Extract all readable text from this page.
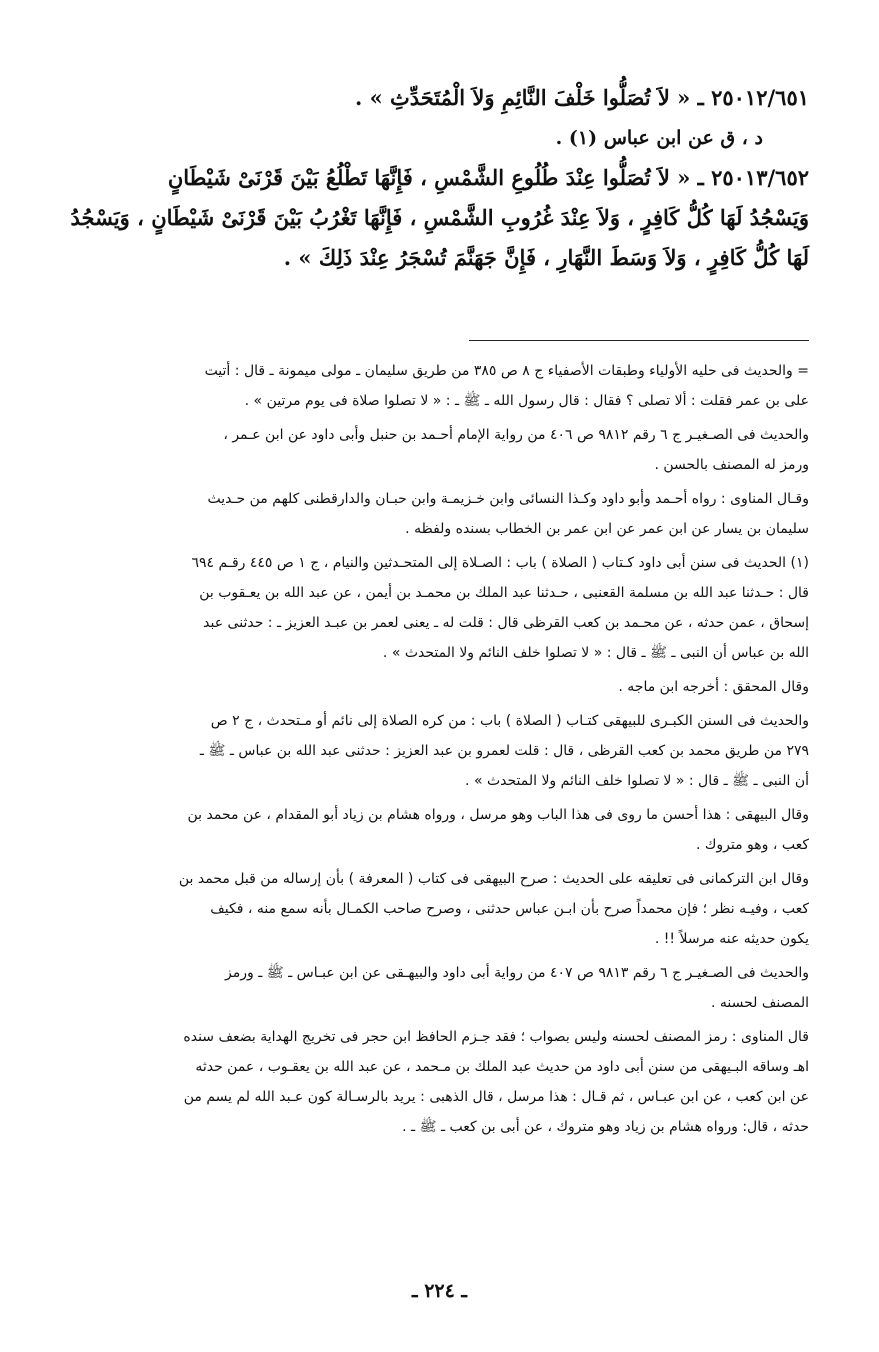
٢٥٠١٢/٦٥١ ـ « لاَ تُصَلُّوا خَلْفَ النَّائِمِ وَلاَ الْمُتَحَدِّثِ » .

د ، ق عن ابن عباس (١) .

٢٥٠١٣/٦٥٢ ـ « لاَ تُصَلُّوا عِنْدَ طُلُوعِ الشَّمْسِ ، فَإِنَّهَا تَطْلُعُ بَيْنَ قَرْنَىْ شَيْطَانٍ
وَيَسْجُدُ لَهَا كُلُّ كَافِرٍ ، وَلاَ عِنْدَ غُرُوبِ الشَّمْسِ ، فَإِنَّهَا تَغْرُبُ بَيْنَ قَرْنَىْ شَيْطَانٍ ، وَيَسْجُدُ
لَهَا كُلُّ كَافِرٍ ، وَلاَ وَسَطَ النَّهَارِ ، فَإِنَّ جَهَنَّمَ تُسْجَرُ عِنْدَ ذَلِكَ » .

= والحديث فى حليه الأولياء وطبقات الأصفياء ج ٨ ص ٣٨٥ من طريق سليمان ـ مولى ميمونة ـ قال : أتيت
على بن عمر فقلت : ألا تصلى ؟ فقال : قال رسول الله ـ ﷺ ـ : « لا تصلوا صلاة فى يوم مرتين » .

والحديث فى الصـغيـر ج ٦ رقم ٩٨١٢ ص ٤٠٦ من رواية الإمام أحـمد بن حنبل وأبى داود عن ابن عـمر ،
ورمز له المصنف بالحسن .

وقـال المناوى : رواه أحـمد وأبو داود وكـذا النسائى وابن خـزيمـة وابن حبـان والدارقطنى كلهم من حـديث
سليمان بن يسار عن ابن عمر عن ابن عمر بن الخطاب بسنده ولفظه .

(١) الحديث فى سنن أبى داود كـتاب ( الصلاة ) باب : الصـلاة إلى المتحـدثين والنيام ، ج ١ ص ٤٤٥ رقـم ٦٩٤
قال : حـدثنا عبد الله بن مسلمة القعنبى ، حـدثنا عبد الملك بن محمـد بن أيمن ، عن عبد الله بن يعـقوب بن
إسحاق ، عمن حدثه ، عن محـمد بن كعب القرظى قال : قلت له ـ يعنى لعمر بن عبـد العزيز ـ : حدثنى عبد
الله بن عباس أن النبى ـ ﷺ ـ قال : « لا تصلوا خلف النائم ولا المتحدث » .

وقال المحقق : أخرجه ابن ماجه .

والحديث فى السنن الكبـرى للبيهقى كتـاب ( الصلاة ) باب : من كره الصلاة إلى نائم أو مـتحدث ، ج ٢ ص
٢٧٩ من طريق محمد بن كعب القرظى ، قال : قلت لعمرو بن عبد العزيز : حدثنى عبد الله بن عباس ـ ﷺ ـ
أن النبى ـ ﷺ ـ قال : « لا تصلوا خلف النائم ولا المتحدث » .

وقال البيهقى : هذا أحسن ما روى فى هذا الباب وهو مرسل ، ورواه هشام بن زياد أبو المقدام ، عن محمد بن
كعب ، وهو متروك .

وقال ابن التركمانى فى تعليقه على الحديث : صرح البيهقى فى كتاب ( المعرفة ) بأن إرساله من قبل محمد بن
كعب ، وفيـه نظر ؛ فإن محمداً صرح بأن ابـن عباس حدثنى ، وصرح صاحب الكمـال بأنه سمع منه ، فكيف
يكون حديثه عنه مرسلاً !! .

والحديث فى الصـغيـر ج ٦ رقم ٩٨١٣ ص ٤٠٧ من رواية أبى داود والبيهـقى عن ابن عبـاس ـ ﷺ ـ ورمز
المصنف لحسنه .

قال المناوى : رمز المصنف لحسنه وليس بصواب ؛ فقد جـزم الحافظ ابن حجر فى تخريج الهداية بضعف سنده
اهـ وساقه البـيهقى من سنن أبى داود من حديث عبد الملك بن مـحمد ، عن عبد الله بن يعقـوب ، عمن حدثه
عن ابن كعب ، عن ابن عبـاس ، ثم قـال : هذا مرسل ، قال الذهبى : يريد بالرسـالة كون عـبد الله لم يسم من
حدثه ، قال: ورواه هشام بن زياد وهو متروك ، عن أبى بن كعب ـ ﷺ ـ .

ـ ٢٢٤ ـ
